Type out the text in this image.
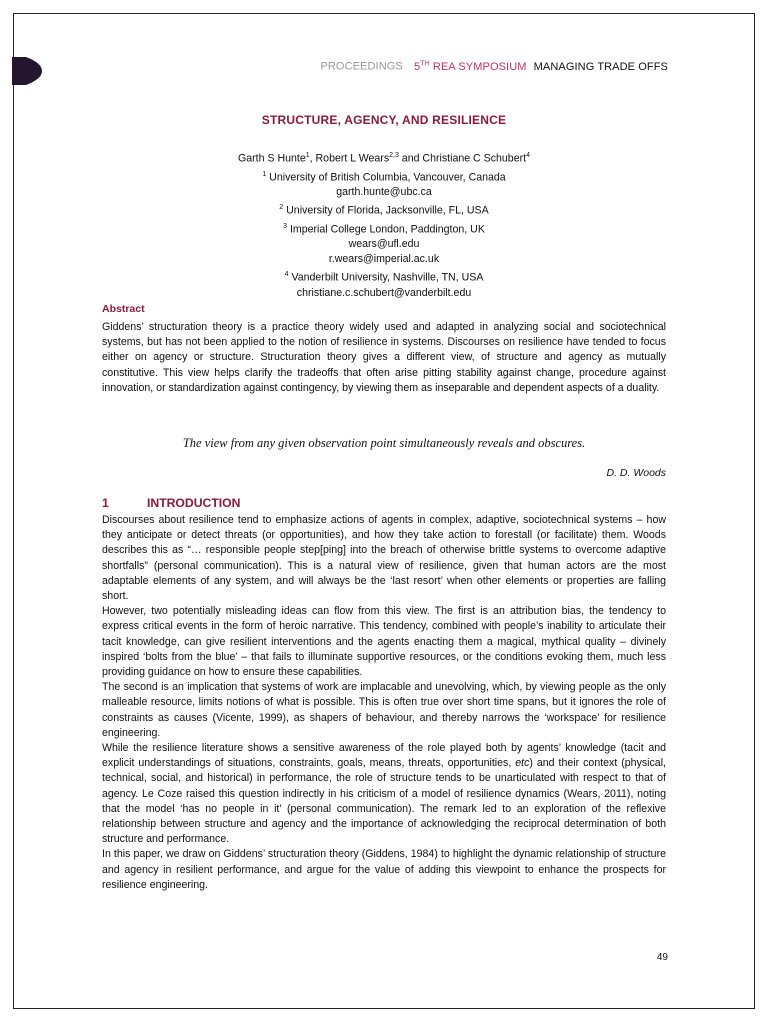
PROCEEDINGS 5TH REA SYMPOSIUM MANAGING TRADE OFFS
STRUCTURE, AGENCY, AND RESILIENCE
Garth S Hunte$^1$, Robert L Wears$^{2,3}$ and Christiane C Schubert$^4$
$^1$ University of British Columbia, Vancouver, Canada
garth.hunte@ubc.ca
$^2$ University of Florida, Jacksonville, FL, USA
$^3$ Imperial College London, Paddington, UK
wears@ufl.edu
r.wears@imperial.ac.uk
$^4$ Vanderbilt University, Nashville, TN, USA
christiane.c.schubert@vanderbilt.edu
Abstract

Giddens’ structuration theory is a practice theory widely used and adapted in analyzing social and sociotechnical systems, but has not been applied to the notion of resilience in systems. Discourses on resilience have tended to focus either on agency or structure. Structuration theory gives a different view, of structure and agency as mutually constitutive. This view helps clarify the tradeoffs that often arise pitting stability against change, procedure against innovation, or standardization against contingency, by viewing them as inseparable and dependent aspects of a duality.

The view from any given observation point simultaneously reveals and obscures.
D. D. Woods
1	INTRODUCTION

Discourses about resilience tend to emphasize actions of agents in complex, adaptive, sociotechnical systems – how they anticipate or detect threats (or opportunities), and how they take action to forestall (or facilitate) them. Woods describes this as “… responsible people step[ping] into the breach of otherwise brittle systems to overcome adaptive shortfalls” (personal communication). This is a natural view of resilience, given that human actors are the most adaptable elements of any system, and will always be the ‘last resort’ when other elements or properties are falling short.

However, two potentially misleading ideas can flow from this view. The first is an attribution bias, the tendency to express critical events in the form of heroic narrative. This tendency, combined with people’s inability to articulate their tacit knowledge, can give resilient interventions and the agents enacting them a magical, mythical quality – divinely inspired ‘bolts from the blue’ – that fails to illuminate supportive resources, or the conditions evoking them, much less providing guidance on how to ensure these capabilities.

The second is an implication that systems of work are implacable and unevolving, which, by viewing people as the only malleable resource, limits notions of what is possible. This is often true over short time spans, but it ignores the role of constraints as causes (Vicente, 1999), as shapers of behaviour, and thereby narrows the ‘workspace’ for resilience engineering.

While the resilience literature shows a sensitive awareness of the role played both by agents’ knowledge (tacit and explicit understandings of situations, constraints, goals, means, threats, opportunities, etc) and their context (physical, technical, social, and historical) in performance, the role of structure tends to be unarticulated with respect to that of agency. Le Coze raised this question indirectly in his criticism of a model of resilience dynamics (Wears, 2011), noting that the model ‘has no people in it’ (personal communication). The remark led to an exploration of the reflexive relationship between structure and agency and the importance of acknowledging the reciprocal determination of both structure and performance.

In this paper, we draw on Giddens’ structuration theory (Giddens, 1984) to highlight the dynamic relationship of structure and agency in resilient performance, and argue for the value of adding this viewpoint to enhance the prospects for resilience engineering.

49
